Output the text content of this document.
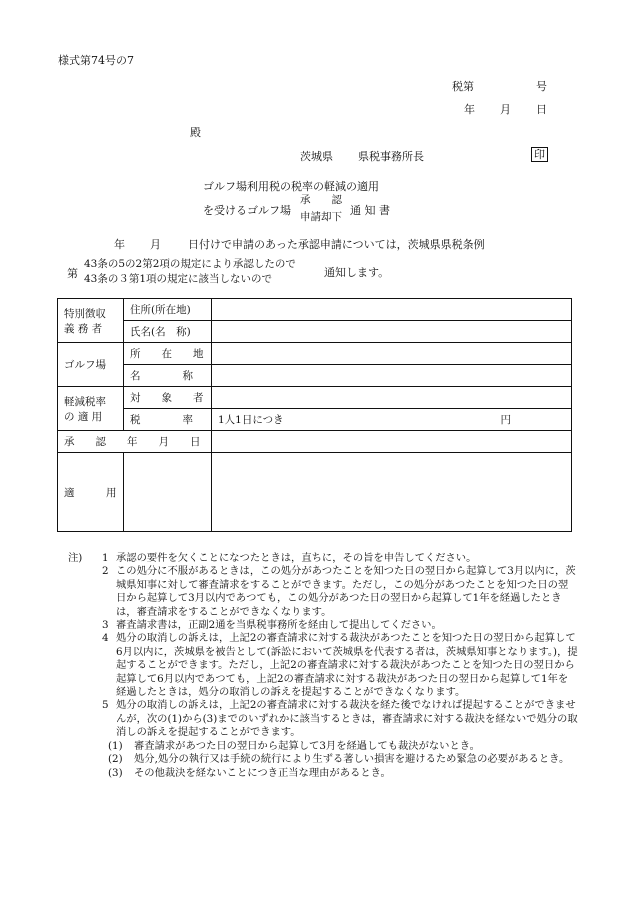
様式第74号の7
税第	号
年 月 日
殿
茨城県 県税事務所長	印
ゴルフ場利用税の税率の軽減の適用
を受けるゴルフ場
承　　認
申請却下 通 知 書
年 月 日付けで申請のあった承認申請については，茨城県県税条例
第
43条の5の2第2項の規定により承認したので
43条の３第1項の規定に該当しないので	通知します。
特別徴収
義 務 者	住所(所在地)	
	氏名(名　称)	
ゴルフ場	所　　在　　地	
	名　　　　称	

軽減税率
の 適 用	対　　象　　者	
	税　　　　率	1人1日につき 円

承　　認　　年　　月　　日		
適　　　用		
注)	1 承認の要件を欠くことになつたときは，直ちに，その旨を申告してください。
2 この処分に不服があるときは，この処分があつたことを知つた日の翌日から起算して3月以内に，茨城県知事に対して審査請求をすることができます。ただし，この処分があつたことを知つた日の翌日から起算して3月以内であつても，この処分があつた日の翌日から起算して1年を経過したときは，審査請求をすることができなくなります。
3 審査請求書は，正副2通を当県税事務所を経由して提出してください。
4 処分の取消しの訴えは，上記2の審査請求に対する裁決があつたことを知つた日の翌日から起算して6月以内に，茨城県を被告として(訴訟において茨城県を代表する者は，茨城県知事となります。)，提起することができます。ただし，上記2の審査請求に対する裁決があつたことを知つた日の翌日から起算して6月以内であつても，上記2の審査請求に対する裁決があつた日の翌日から起算して1年を経過したときは，処分の取消しの訴えを提起することができなくなります。
5 処分の取消しの訴えは，上記2の審査請求に対する裁決を経た後でなければ提起することができませんが，次の(1)から(3)までのいずれかに該当するときは，審査請求に対する裁決を経ないで処分の取消しの訴えを提起することができます。
(1)	審査請求があつた日の翌日から起算して3月を経過しても裁決がないとき。
(2)	処分,処分の執行又は手続の続行により生ずる著しい損害を避けるため緊急の必要があるとき。
(3)	その他裁決を経ないことにつき正当な理由があるとき。
